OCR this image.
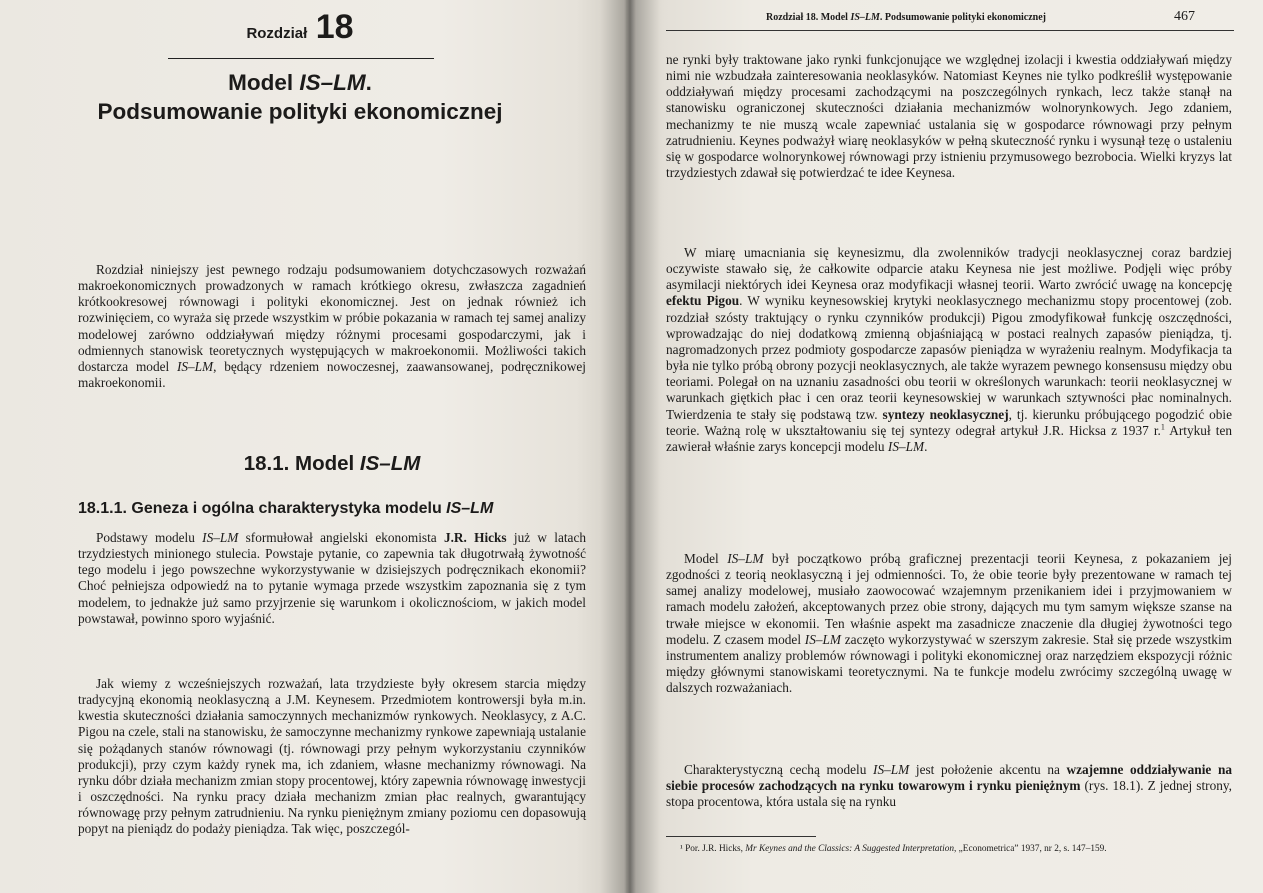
Rozdział 18
Model IS–LM.
Podsumowanie polityki ekonomicznej

Rozdział niniejszy jest pewnego rodzaju podsumowaniem dotychczasowych rozważań makroekonomicznych prowadzonych w ramach krótkiego okresu, zwłaszcza zagadnień krótkookresowej równowagi i polityki ekonomicznej. Jest on jednak również ich rozwinięciem, co wyraża się przede wszystkim w próbie pokazania w ramach tej samej analizy modelowej zarówno oddziaływań między różnymi procesami gospodarczymi, jak i odmiennych stanowisk teoretycznych występujących w makroekonomii. Możliwości takich dostarcza model IS–LM, będący rdzeniem nowoczesnej, zaawansowanej, podręcznikowej makroekonomii.

18.1. Model IS–LM
18.1.1. Geneza i ogólna charakterystyka modelu IS–LM

Podstawy modelu IS–LM sformułował angielski ekonomista J.R. Hicks już w latach trzydziestych minionego stulecia. Powstaje pytanie, co zapewnia tak długotrwałą żywotność tego modelu i jego powszechne wykorzystywanie w dzisiejszych podręcznikach ekonomii? Choć pełniejsza odpowiedź na to pytanie wymaga przede wszystkim zapoznania się z tym modelem, to jednakże już samo przyjrzenie się warunkom i okolicznościom, w jakich model powstawał, powinno sporo wyjaśnić.

Jak wiemy z wcześniejszych rozważań, lata trzydzieste były okresem starcia między tradycyjną ekonomią neoklasyczną a J.M. Keynesem. Przedmiotem kontrowersji była m.in. kwestia skuteczności działania samoczynnych mechanizmów rynkowych. Neoklasycy, z A.C. Pigou na czele, stali na stanowisku, że samoczynne mechanizmy rynkowe zapewniają ustalanie się pożądanych stanów równowagi (tj. równowagi przy pełnym wykorzystaniu czynników produkcji), przy czym każdy rynek ma, ich zdaniem, własne mechanizmy równowagi. Na rynku dóbr działa mechanizm zmian stopy procentowej, który zapewnia równowagę inwestycji i oszczędności. Na rynku pracy działa mechanizm zmian płac realnych, gwarantujący równowagę przy pełnym zatrudnieniu. Na rynku pieniężnym zmiany poziomu cen dopasowują popyt na pieniądz do podaży pieniądza. Tak więc, poszczegól-

Rozdział 18. Model IS–LM. Podsumowanie polityki ekonomicznej	467

ne rynki były traktowane jako rynki funkcjonujące we względnej izolacji i kwestia oddziaływań między nimi nie wzbudzała zainteresowania neoklasyków. Natomiast Keynes nie tylko podkreślił występowanie oddziaływań między procesami zachodzącymi na poszczególnych rynkach, lecz także stanął na stanowisku ograniczonej skuteczności działania mechanizmów wolnorynkowych. Jego zdaniem, mechanizmy te nie muszą wcale zapewniać ustalania się w gospodarce równowagi przy pełnym zatrudnieniu. Keynes podważył wiarę neoklasyków w pełną skuteczność rynku i wysunął tezę o ustaleniu się w gospodarce wolnorynkowej równowagi przy istnieniu przymusowego bezrobocia. Wielki kryzys lat trzydziestych zdawał się potwierdzać te idee Keynesa.

W miarę umacniania się keynesizmu, dla zwolenników tradycji neoklasycznej coraz bardziej oczywiste stawało się, że całkowite odparcie ataku Keynesa nie jest możliwe. Podjęli więc próby asymilacji niektórych idei Keynesa oraz modyfikacji własnej teorii. Warto zwrócić uwagę na koncepcję efektu Pigou. W wyniku keynesowskiej krytyki neoklasycznego mechanizmu stopy procentowej (zob. rozdział szósty traktujący o rynku czynników produkcji) Pigou zmodyfikował funkcję oszczędności, wprowadzając do niej dodatkową zmienną objaśniającą w postaci realnych zapasów pieniądza, tj. nagromadzonych przez podmioty gospodarcze zapasów pieniądza w wyrażeniu realnym. Modyfikacja ta była nie tylko próbą obrony pozycji neoklasycznych, ale także wyrazem pewnego konsensusu między obu teoriami. Polegał on na uznaniu zasadności obu teorii w określonych warunkach: teorii neoklasycznej w warunkach giętkich płac i cen oraz teorii keynesowskiej w warunkach sztywności płac nominalnych. Twierdzenia te stały się podstawą tzw. syntezy neoklasycznej, tj. kierunku próbującego pogodzić obie teorie. Ważną rolę w ukształtowaniu się tej syntezy odegrał artykuł J.R. Hicksa z 1937 r.$^1$ Artykuł ten zawierał właśnie zarys koncepcji modelu IS–LM.

Model IS–LM był początkowo próbą graficznej prezentacji teorii Keynesa, z pokazaniem jej zgodności z teorią neoklasyczną i jej odmienności. To, że obie teorie były prezentowane w ramach tej samej analizy modelowej, musiało zaowocować wzajemnym przenikaniem idei i przyjmowaniem w ramach modelu założeń, akceptowanych przez obie strony, dających mu tym samym większe szanse na trwałe miejsce w ekonomii. Ten właśnie aspekt ma zasadnicze znaczenie dla długiej żywotności tego modelu. Z czasem model IS–LM zaczęto wykorzystywać w szerszym zakresie. Stał się przede wszystkim instrumentem analizy problemów równowagi i polityki ekonomicznej oraz narzędziem ekspozycji różnic między głównymi stanowiskami teoretycznymi. Na te funkcje modelu zwrócimy szczególną uwagę w dalszych rozważaniach.

Charakterystyczną cechą modelu IS–LM jest położenie akcentu na wzajemne oddziaływanie na siebie procesów zachodzących na rynku towarowym i rynku pieniężnym (rys. 18.1). Z jednej strony, stopa procentowa, która ustala się na rynku

¹ Por. J.R. Hicks, Mr Keynes and the Classics: A Suggested Interpretation, „Econometrica” 1937, nr 2, s. 147–159.
